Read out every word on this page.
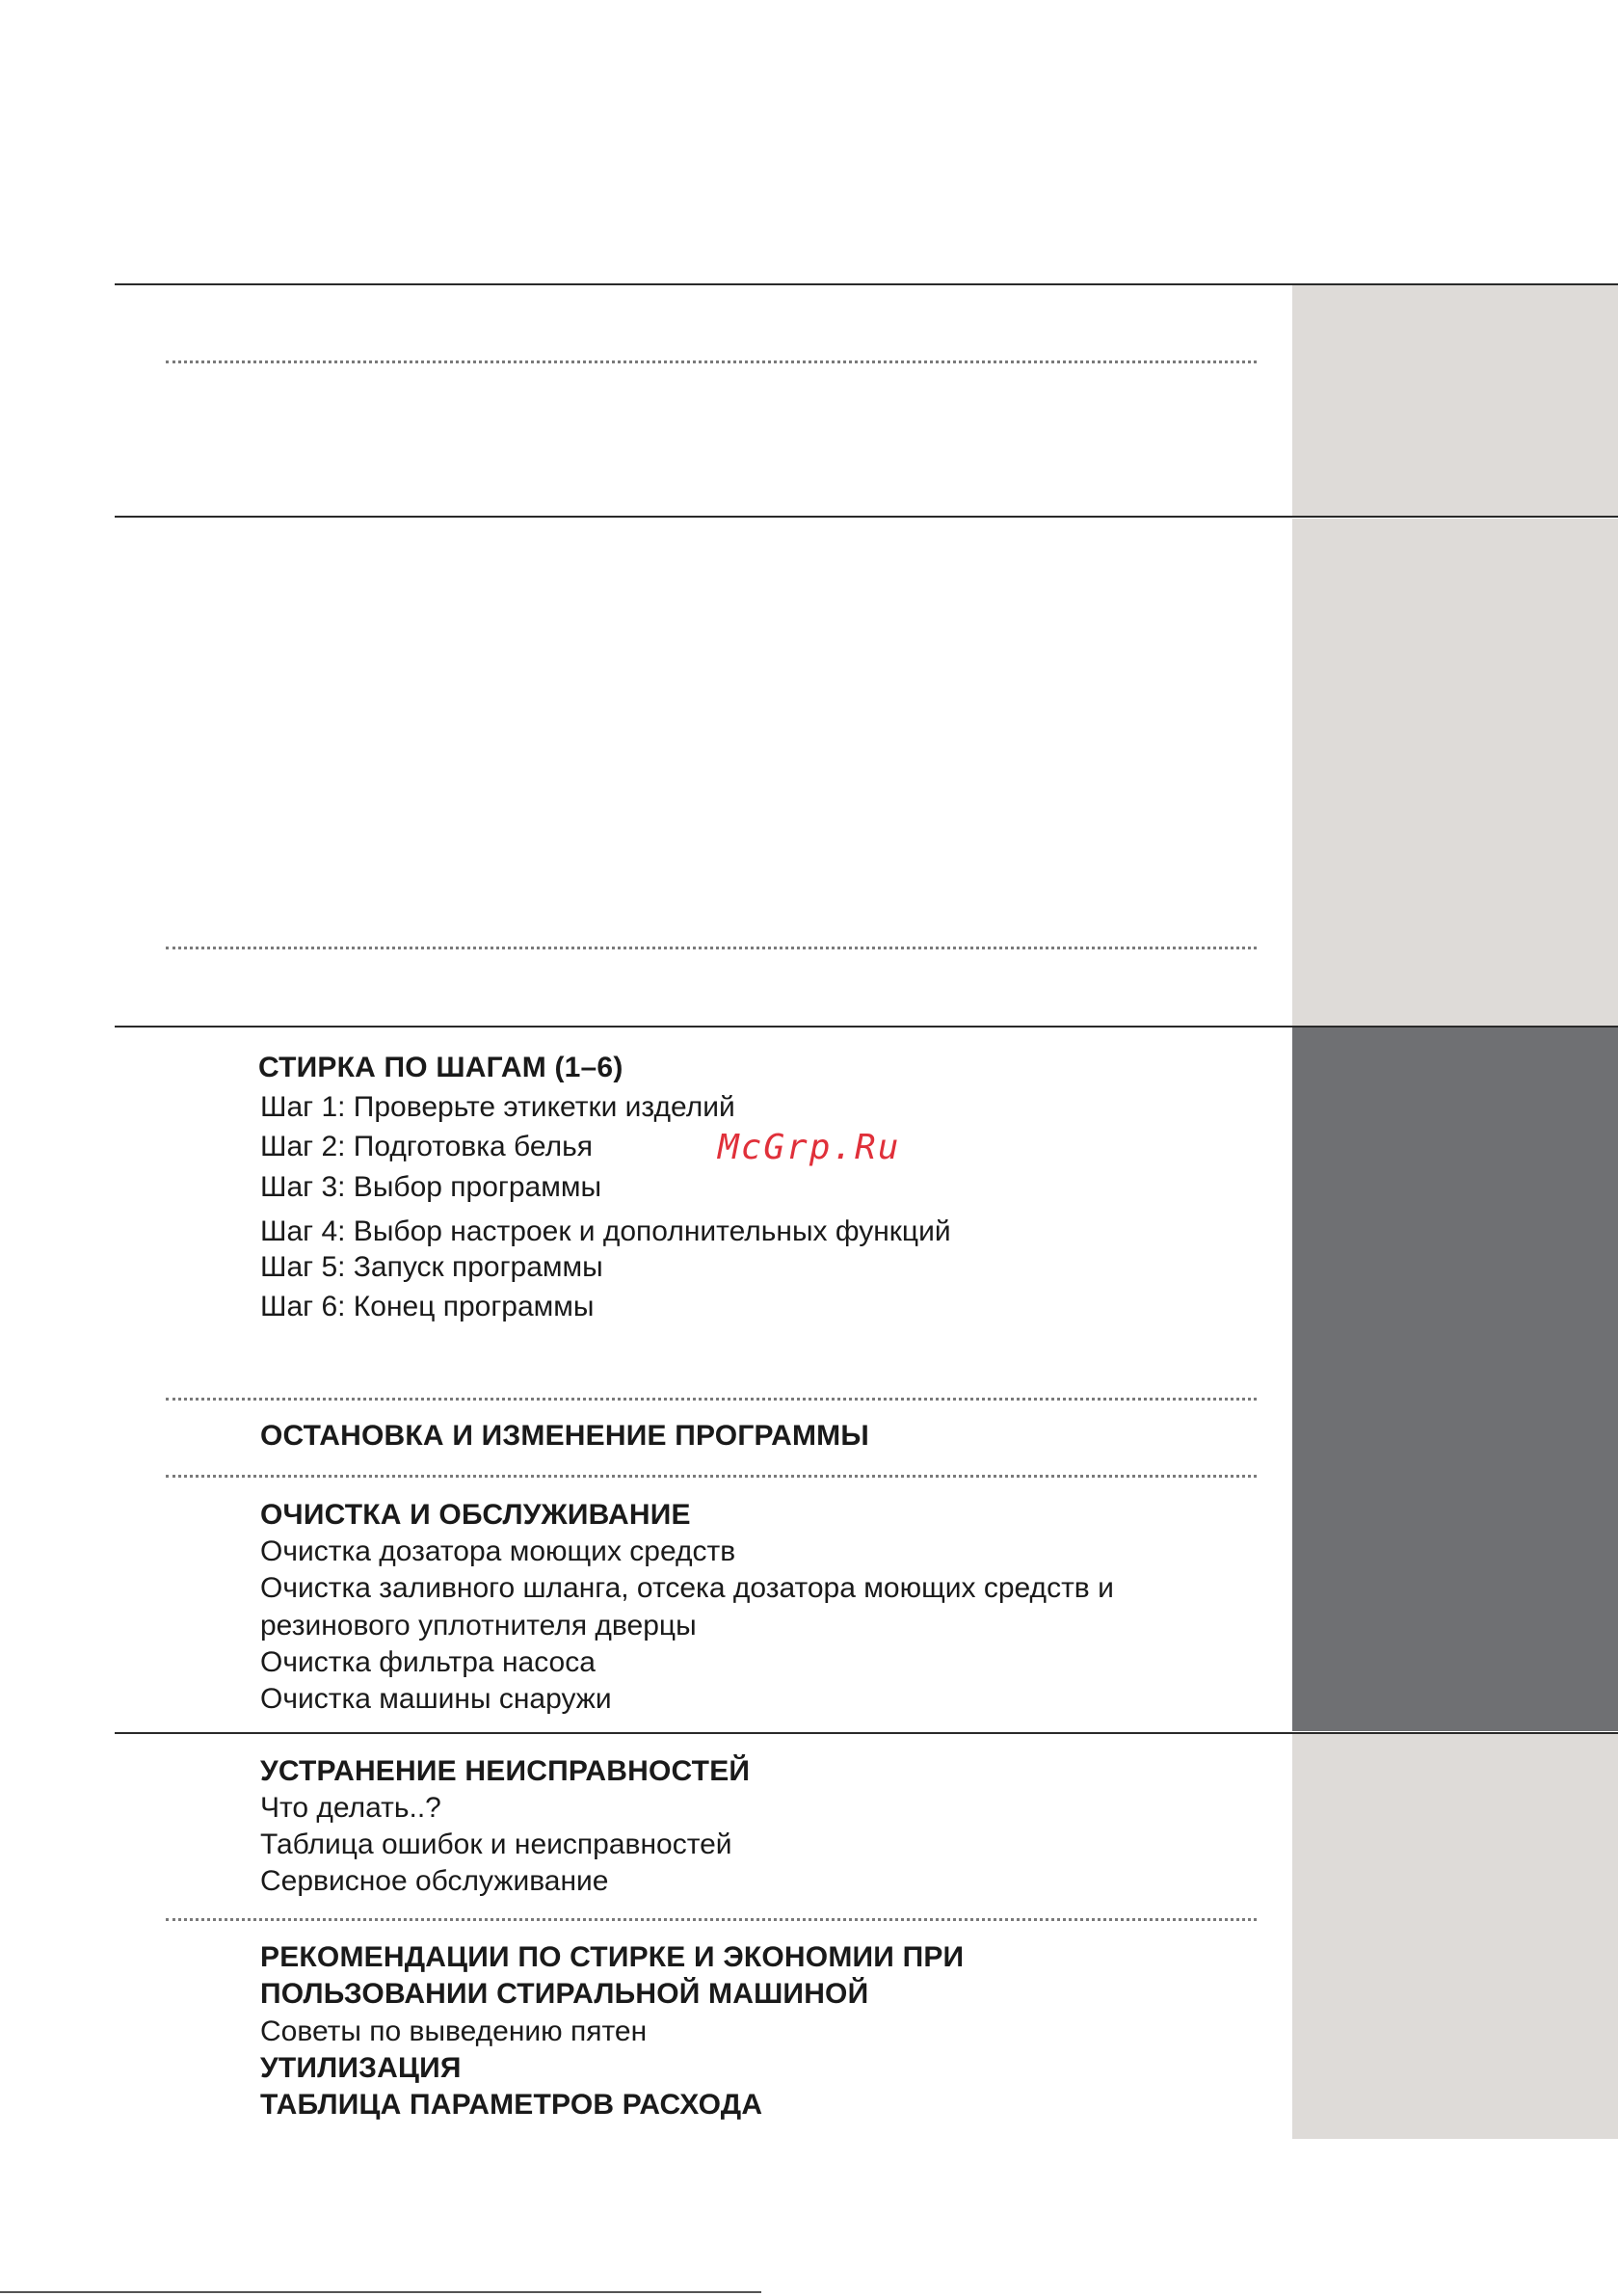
СТИРКА ПО ШАГАМ (1–6)
Шаг 1: Проверьте этикетки изделий
Шаг 2: Подготовка белья
Шаг 3: Выбор программы
Шаг 4: Выбор настроек и дополнительных функций
Шаг 5: Запуск программы
Шаг 6: Конец программы
ОСТАНОВКА И ИЗМЕНЕНИЕ ПРОГРАММЫ
ОЧИСТКА И ОБСЛУЖИВАНИЕ
Очистка дозатора моющих средств
Очистка заливного шланга, отсека дозатора моющих средств и
резинового уплотнителя дверцы
Очистка фильтра насоса
Очистка машины снаружи
УСТРАНЕНИЕ НЕИСПРАВНОСТЕЙ
Что делать..?
Таблица ошибок и неисправностей
Сервисное обслуживание
РЕКОМЕНДАЦИИ ПО СТИРКЕ И ЭКОНОМИИ ПРИ
ПОЛЬЗОВАНИИ СТИРАЛЬНОЙ МАШИНОЙ
Советы по выведению пятен
УТИЛИЗАЦИЯ
ТАБЛИЦА ПАРАМЕТРОВ РАСХОДА
McGrp.Ru
